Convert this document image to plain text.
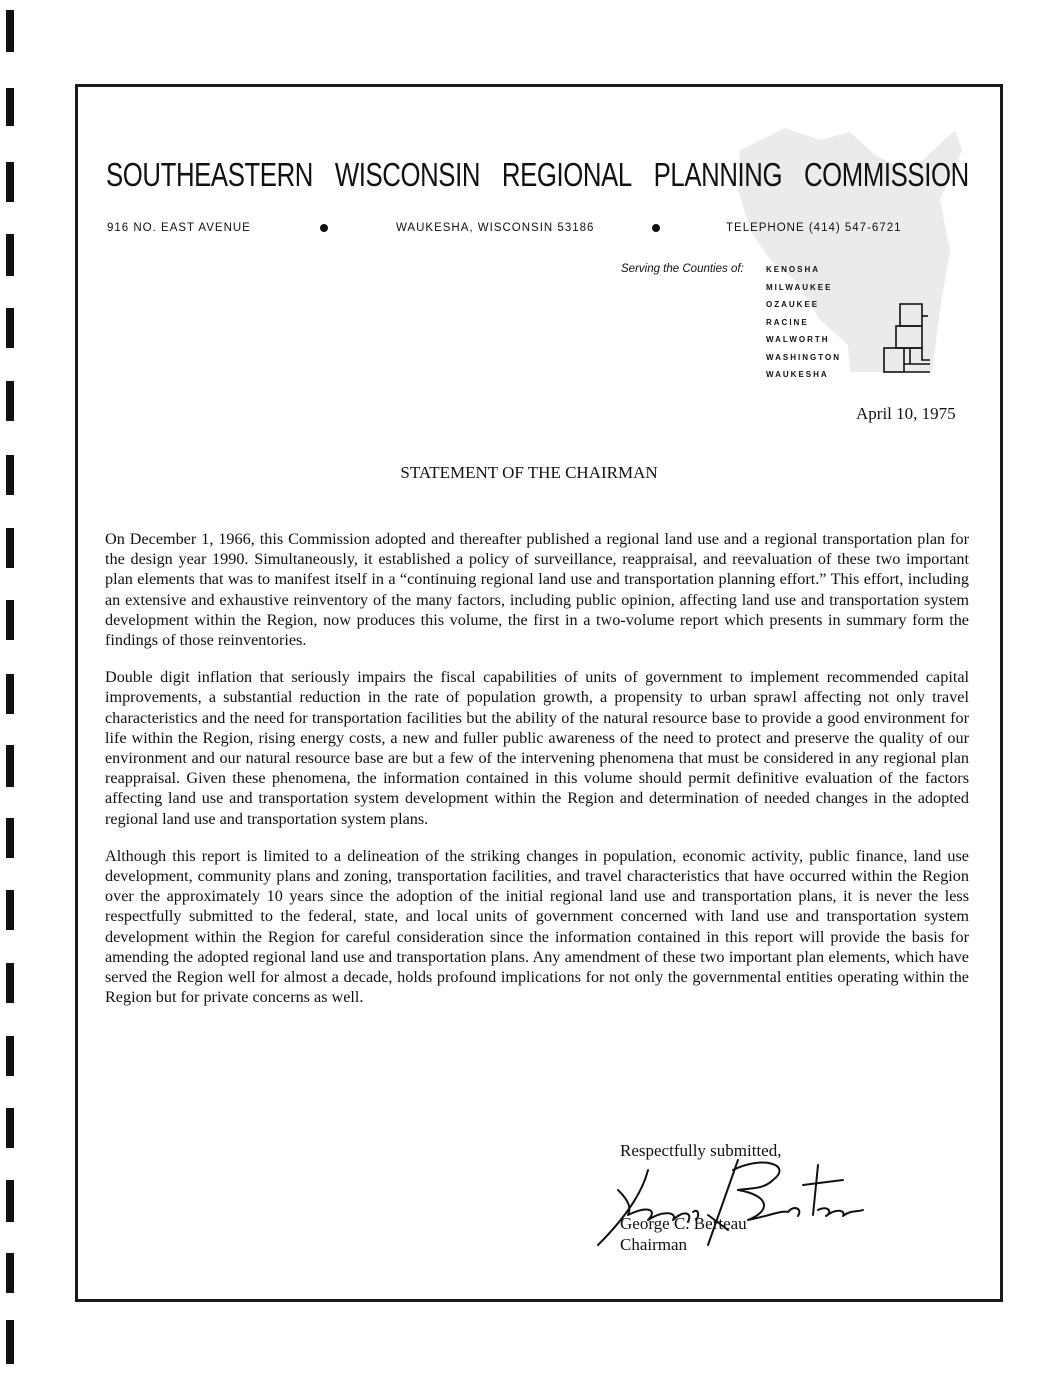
SOUTHEASTERN WISCONSIN REGIONAL PLANNING COMMISSION
916 NO. EAST AVENUE	WAUKESHA, WISCONSIN 53186	TELEPHONE (414) 547-6721
Serving the Counties of:	KENOSHA
MILWAUKEE
OZAUKEE
RACINE
WALWORTH
WASHINGTON
WAUKESHA
April 10, 1975
STATEMENT OF THE CHAIRMAN

On December 1, 1966, this Commission adopted and thereafter published a regional land use and a regional transportation plan for the design year 1990. Simultaneously, it established a policy of surveillance, reappraisal, and reevaluation of these two important plan elements that was to manifest itself in a “continuing regional land use and transportation planning effort.” This effort, including an extensive and exhaustive reinventory of the many factors, including public opinion, affecting land use and transportation system development within the Region, now produces this volume, the first in a two-volume report which presents in summary form the findings of those reinventories.

Double digit inflation that seriously impairs the fiscal capabilities of units of government to implement recommended capital improvements, a substantial reduction in the rate of population growth, a propensity to urban sprawl affecting not only travel characteristics and the need for transportation facilities but the ability of the natural resource base to provide a good environment for life within the Region, rising energy costs, a new and fuller public awareness of the need to protect and preserve the quality of our environment and our natural resource base are but a few of the intervening phenomena that must be considered in any regional plan reappraisal. Given these phenomena, the information contained in this volume should permit definitive evaluation of the factors affecting land use and transportation system development within the Region and determination of needed changes in the adopted regional land use and transportation system plans.

Although this report is limited to a delineation of the striking changes in population, economic activity, public finance, land use development, community plans and zoning, transportation facilities, and travel characteristics that have occurred within the Region over the approximately 10 years since the adoption of the initial regional land use and transportation plans, it is never the less respectfully submitted to the federal, state, and local units of government concerned with land use and transportation system development within the Region for careful consideration since the information contained in this report will provide the basis for amending the adopted regional land use and transportation plans. Any amendment of these two important plan elements, which have served the Region well for almost a decade, holds profound implications for not only the governmental entities operating within the Region but for private concerns as well.

Respectfully submitted,
George C. Berteau
Chairman
